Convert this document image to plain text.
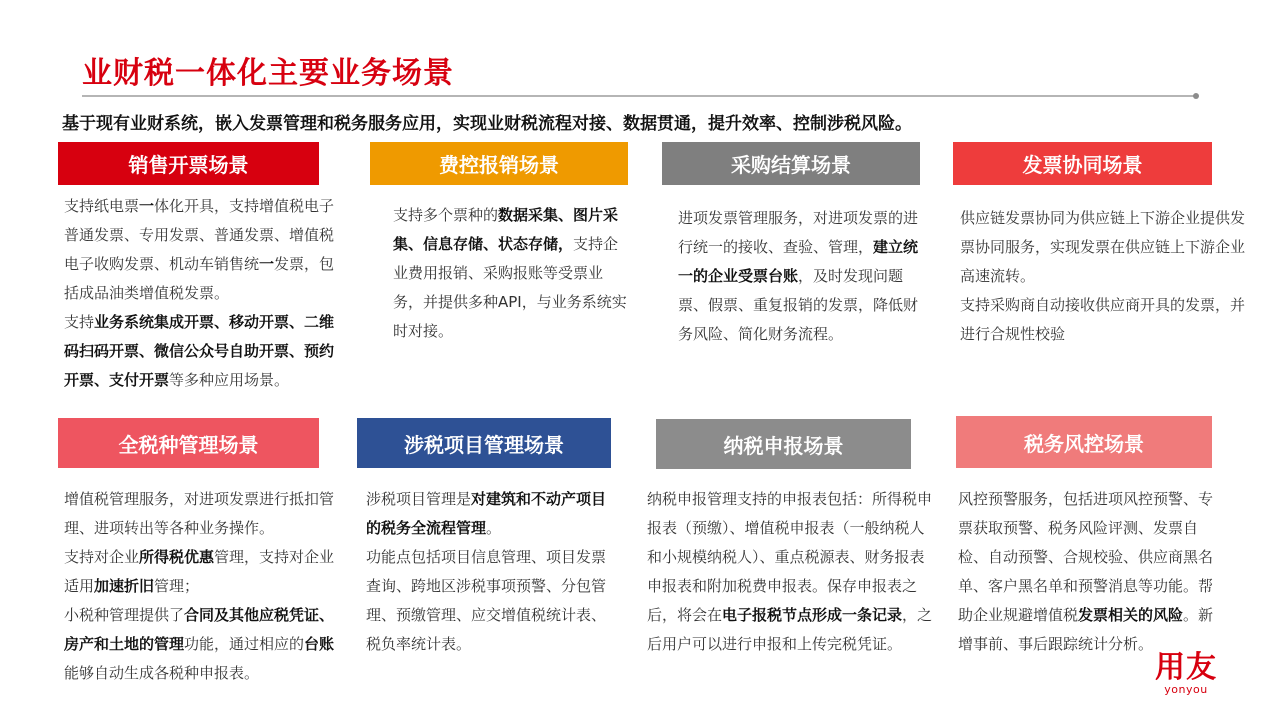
业财税一体化主要业务场景
基于现有业财系统，嵌入发票管理和税务服务应用，实现业财税流程对接、数据贯通，提升效率、控制涉税风险。
销售开票场景	费控报销场景	采购结算场景	发票协同场景

支持纸电票一体化开具，支持增值税电子普通发票、专用发票、普通发票、增值税电子收购发票、机动车销售统一发票，包括成品油类增值税发票。

支持业务系统集成开票、移动开票、二维码扫码开票、微信公众号自助开票、预约开票、支付开票等多种应用场景。

支持多个票种的数据采集、图片采集、信息存储、状态存储，支持企业费用报销、采购报账等受票业务，并提供多种API，与业务系统实时对接。

进项发票管理服务，对进项发票的进行统一的接收、查验、管理，建立统一的企业受票台账，及时发现问题票、假票、重复报销的发票，降低财务风险、简化财务流程。

供应链发票协同为供应链上下游企业提供发票协同服务，实现发票在供应链上下游企业高速流转。

支持采购商自动接收供应商开具的发票，并进行合规性校验

全税种管理场景	涉税项目管理场景	纳税申报场景	税务风控场景

增值税管理服务，对进项发票进行抵扣管理、进项转出等各种业务操作。

支持对企业所得税优惠管理，支持对企业适用加速折旧管理；

小税种管理提供了合同及其他应税凭证、房产和土地的管理功能，通过相应的台账能够自动生成各税种申报表。

涉税项目管理是对建筑和不动产项目的税务全流程管理。

功能点包括项目信息管理、项目发票查询、跨地区涉税事项预警、分包管理、预缴管理、应交增值税统计表、税负率统计表。

纳税申报管理支持的申报表包括：所得税申报表（预缴）、增值税申报表（一般纳税人和小规模纳税人）、重点税源表、财务报表申报表和附加税费申报表。保存申报表之后，将会在电子报税节点形成一条记录，之后用户可以进行申报和上传完税凭证。

风控预警服务，包括进项风控预警、专票获取预警、税务风险评测、发票自检、自动预警、合规校验、供应商黑名单、客户黑名单和预警消息等功能。帮助企业规避增值税发票相关的风险。新增事前、事后跟踪统计分析。

用友
yonyou
